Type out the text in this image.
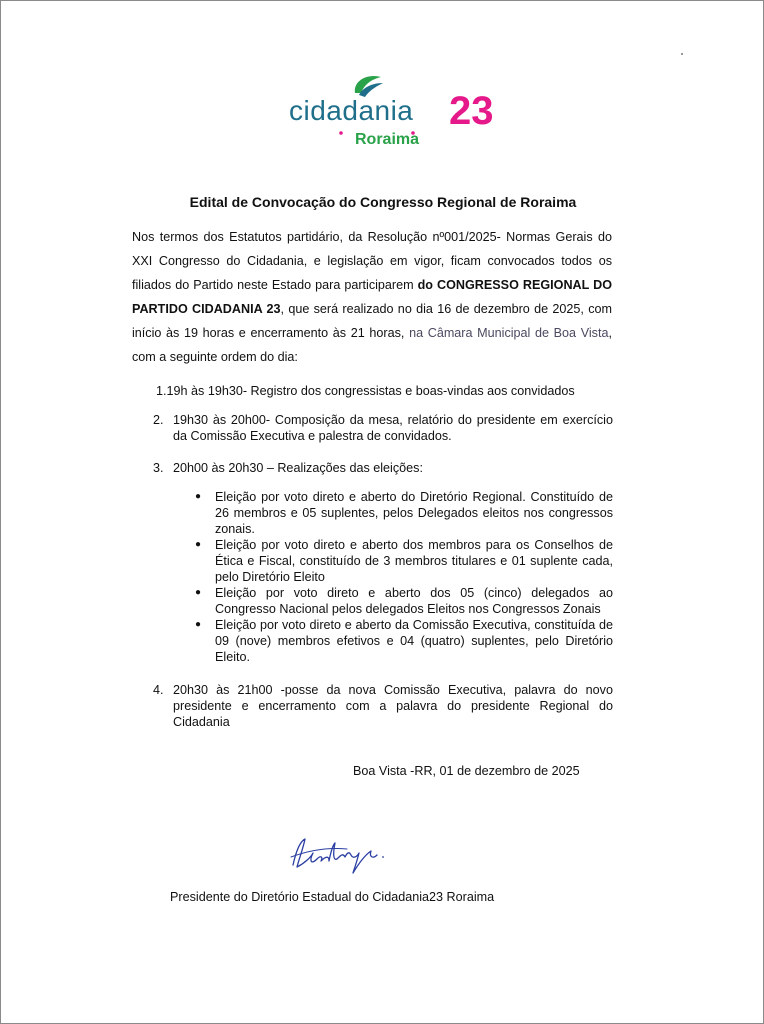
cidadania 23
Roraima
Edital de Convocação do Congresso Regional de Roraima

Nos termos dos Estatutos partidário, da Resolução nº001/2025- Normas Gerais do XXI Congresso do Cidadania, e legislação em vigor, ficam convocados todos os filiados do Partido neste Estado para participarem do CONGRESSO REGIONAL DO PARTIDO CIDADANIA 23, que será realizado no dia 16 de dezembro de 2025, com início às 19 horas e encerramento às 21 horas, na Câmara Municipal de Boa Vista, com a seguinte ordem do dia:

1.19h às 19h30- Registro dos congressistas e boas-vindas aos convidados
2. 19h30 às 20h00- Composição da mesa, relatório do presidente em exercício da Comissão Executiva e palestra de convidados.
3. 20h00 às 20h30 – Realizações das eleições:
●	Eleição por voto direto e aberto do Diretório Regional. Constituído de 26 membros e 05 suplentes, pelos Delegados eleitos nos congressos zonais.
●	Eleição por voto direto e aberto dos membros para os Conselhos de Ética e Fiscal, constituído de 3 membros titulares e 01 suplente cada, pelo Diretório Eleito
●	Eleição por voto direto e aberto dos 05 (cinco) delegados ao Congresso Nacional pelos delegados Eleitos nos Congressos Zonais
●	Eleição por voto direto e aberto da Comissão Executiva, constituída de 09 (nove) membros efetivos e 04 (quatro) suplentes, pelo Diretório Eleito.
4. 20h30 às 21h00 -posse da nova Comissão Executiva, palavra do novo presidente e encerramento com a palavra do presidente Regional do Cidadania
Boa Vista -RR, 01 de dezembro de 2025
Presidente do Diretório Estadual do Cidadania23 Roraima
